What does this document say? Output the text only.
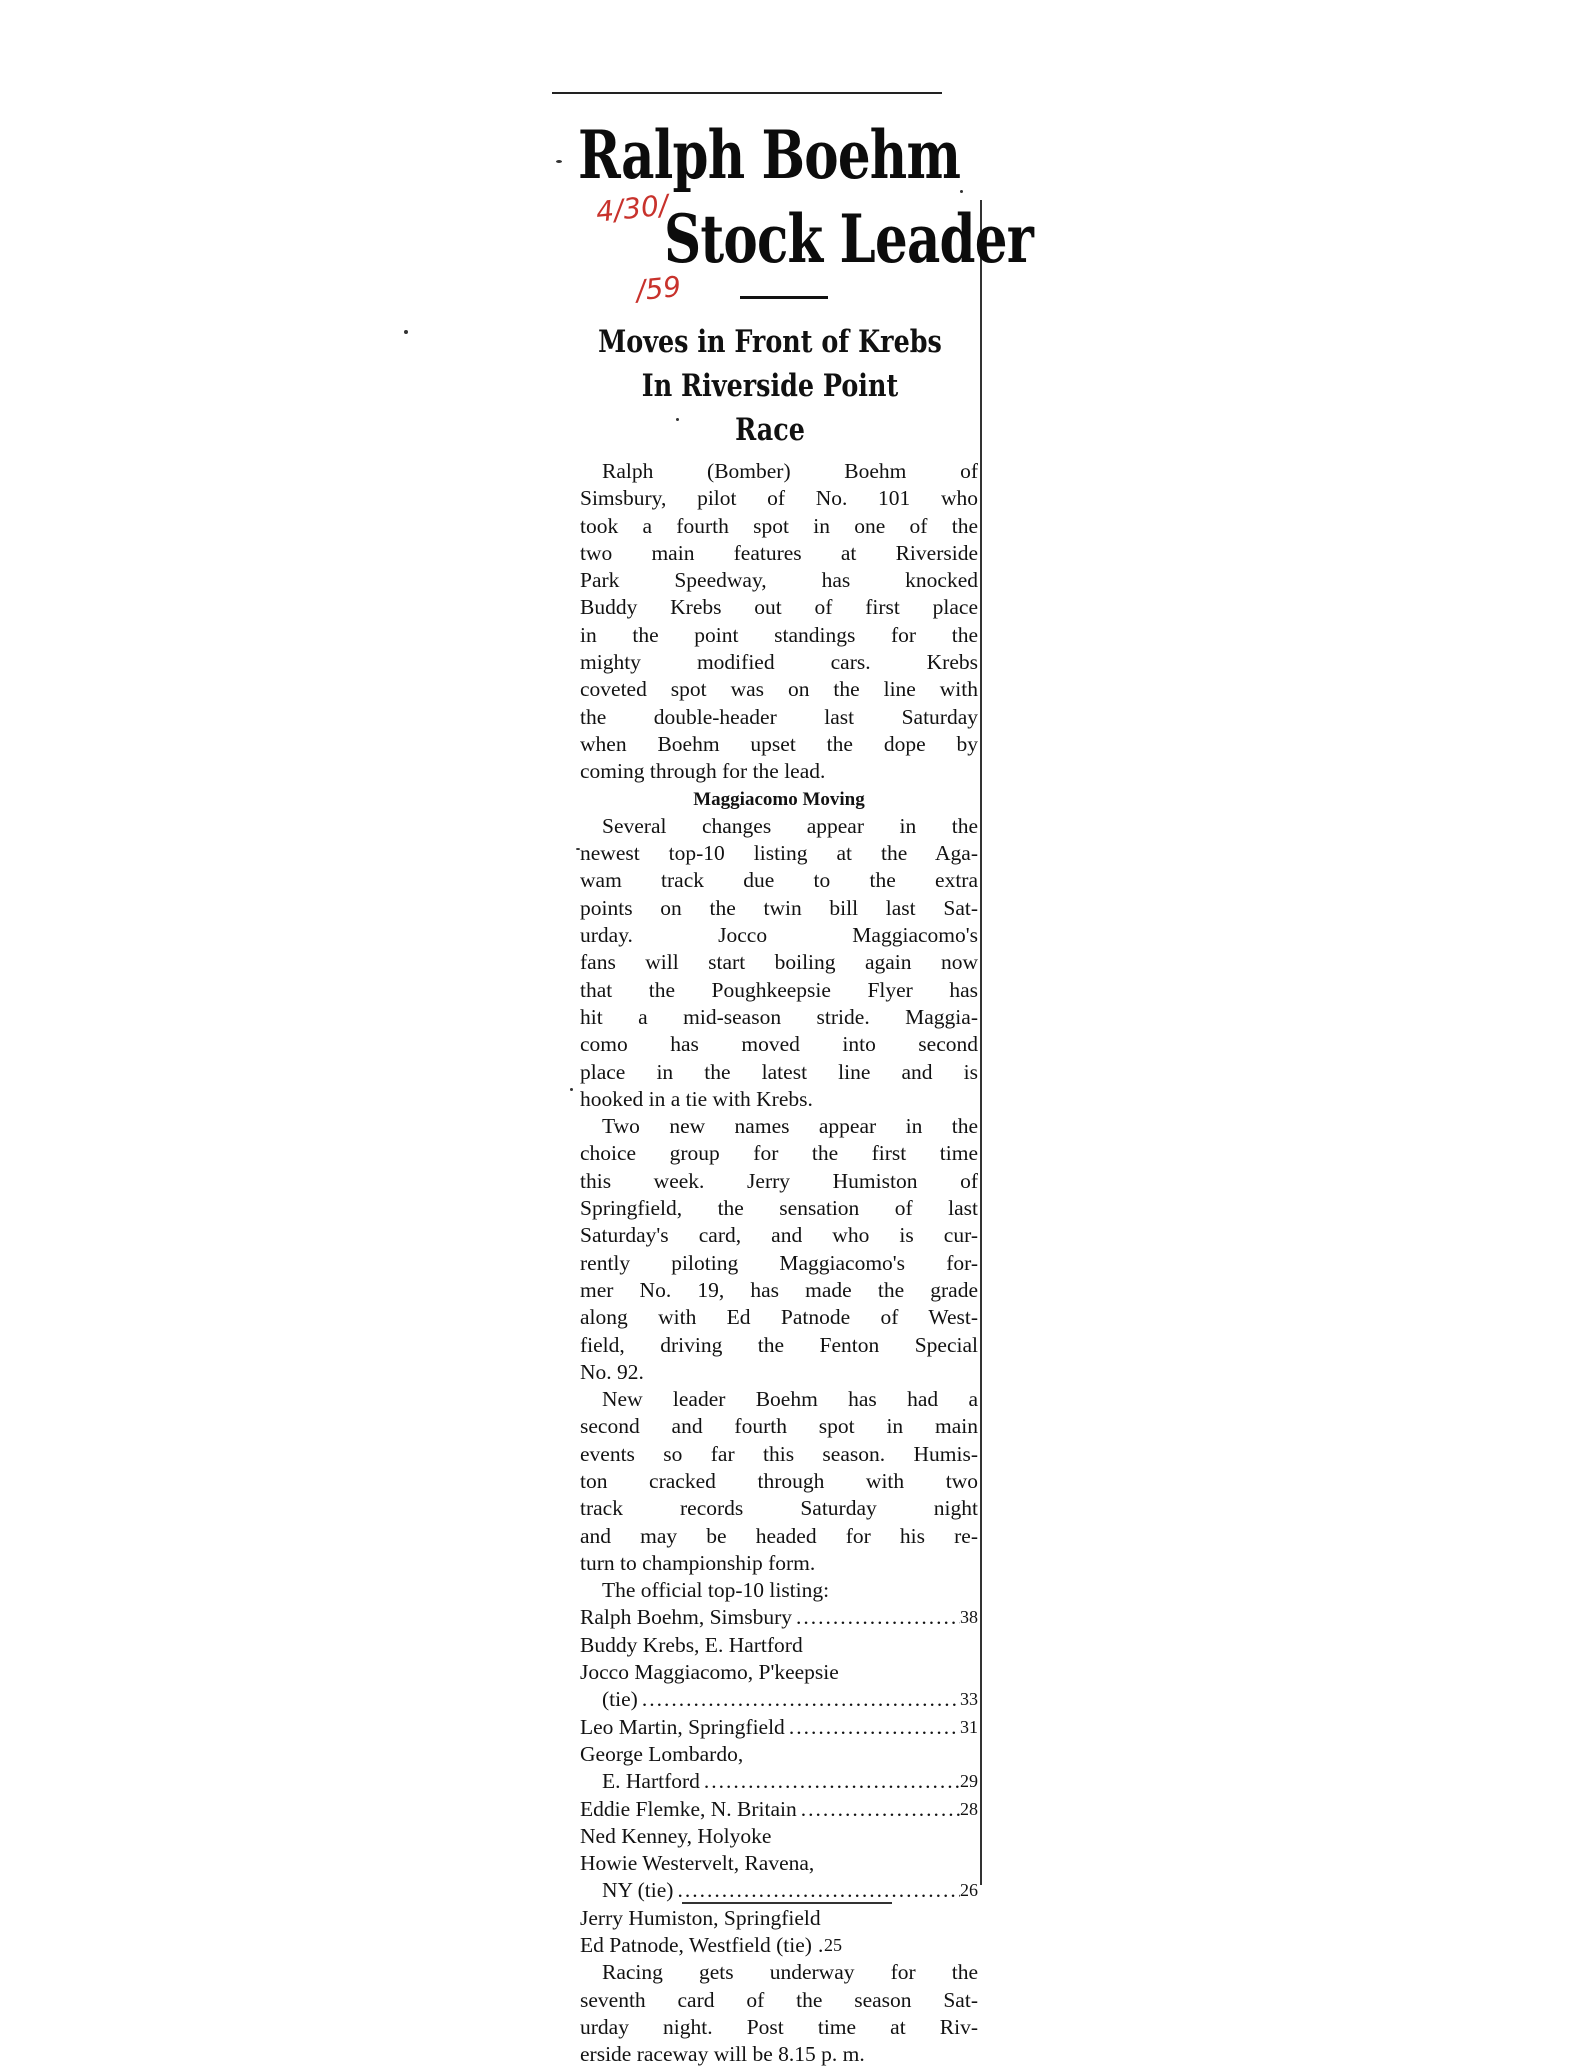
Ralph Boehm
Stock Leader
4/30/
/59
Moves in Front of Krebs
In Riverside Point
Race
Ralph (Bomber) Boehm of
Simsbury, pilot of No. 101 who
took a fourth spot in one of the
two main features at Riverside
Park Speedway, has knocked
Buddy Krebs out of first place
in the point standings for the
mighty modified cars. Krebs
coveted spot was on the line with
the double-header last Saturday
when Boehm upset the dope by
coming through for the lead.
Maggiacomo Moving
Several changes appear in the
newest top-10 listing at the Aga-
wam track due to the extra
points on the twin bill last Sat-
urday. Jocco Maggiacomo's
fans will start boiling again now
that the Poughkeepsie Flyer has
hit a mid-season stride. Maggia-
como has moved into second
place in the latest line and is
hooked in a tie with Krebs.
Two new names appear in the
choice group for the first time
this week. Jerry Humiston of
Springfield, the sensation of last
Saturday's card, and who is cur-
rently piloting Maggiacomo's for-
mer No. 19, has made the grade
along with Ed Patnode of West-
field, driving the Fenton Special
No. 92.
New leader Boehm has had a
second and fourth spot in main
events so far this season. Humis-
ton cracked through with two
track records Saturday night
and may be headed for his re-
turn to championship form.
The official top-10 listing:
Ralph Boehm, Simsbury .....	38
Buddy Krebs, E. Hartford
Jocco Maggiacomo, P'keepsie
(tie) .....	33
Leo Martin, Springfield .....	31
George Lombardo,
E. Hartford .....	29
Eddie Flemke, N. Britain .....	28
Ned Kenney, Holyoke
Howie Westervelt, Ravena,
NY (tie) .....	26
Jerry Humiston, Springfield
Ed Patnode, Westfield (tie) ..... 25
Racing gets underway for the
seventh card of the season Sat-
urday night. Post time at Riv-
erside raceway will be 8.15 p. m.
